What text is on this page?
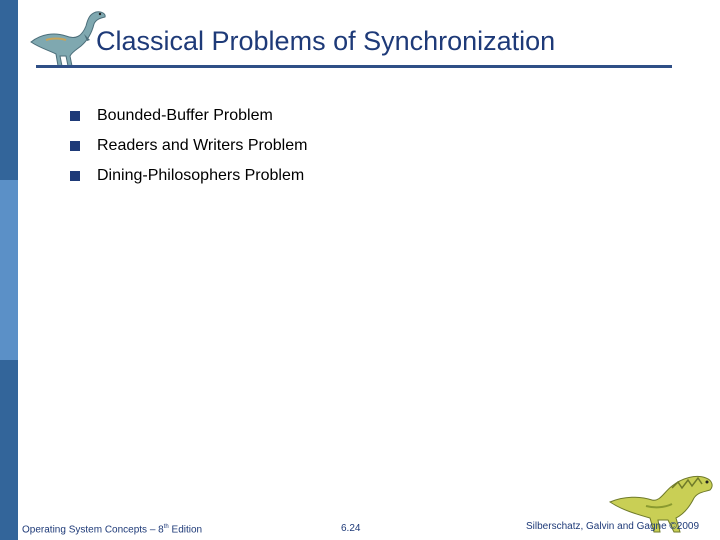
Classical Problems of Synchronization
Bounded-Buffer Problem
Readers and Writers Problem
Dining-Philosophers Problem
Operating System Concepts – 8th Edition	6.24	Silberschatz, Galvin and Gagne ©2009
